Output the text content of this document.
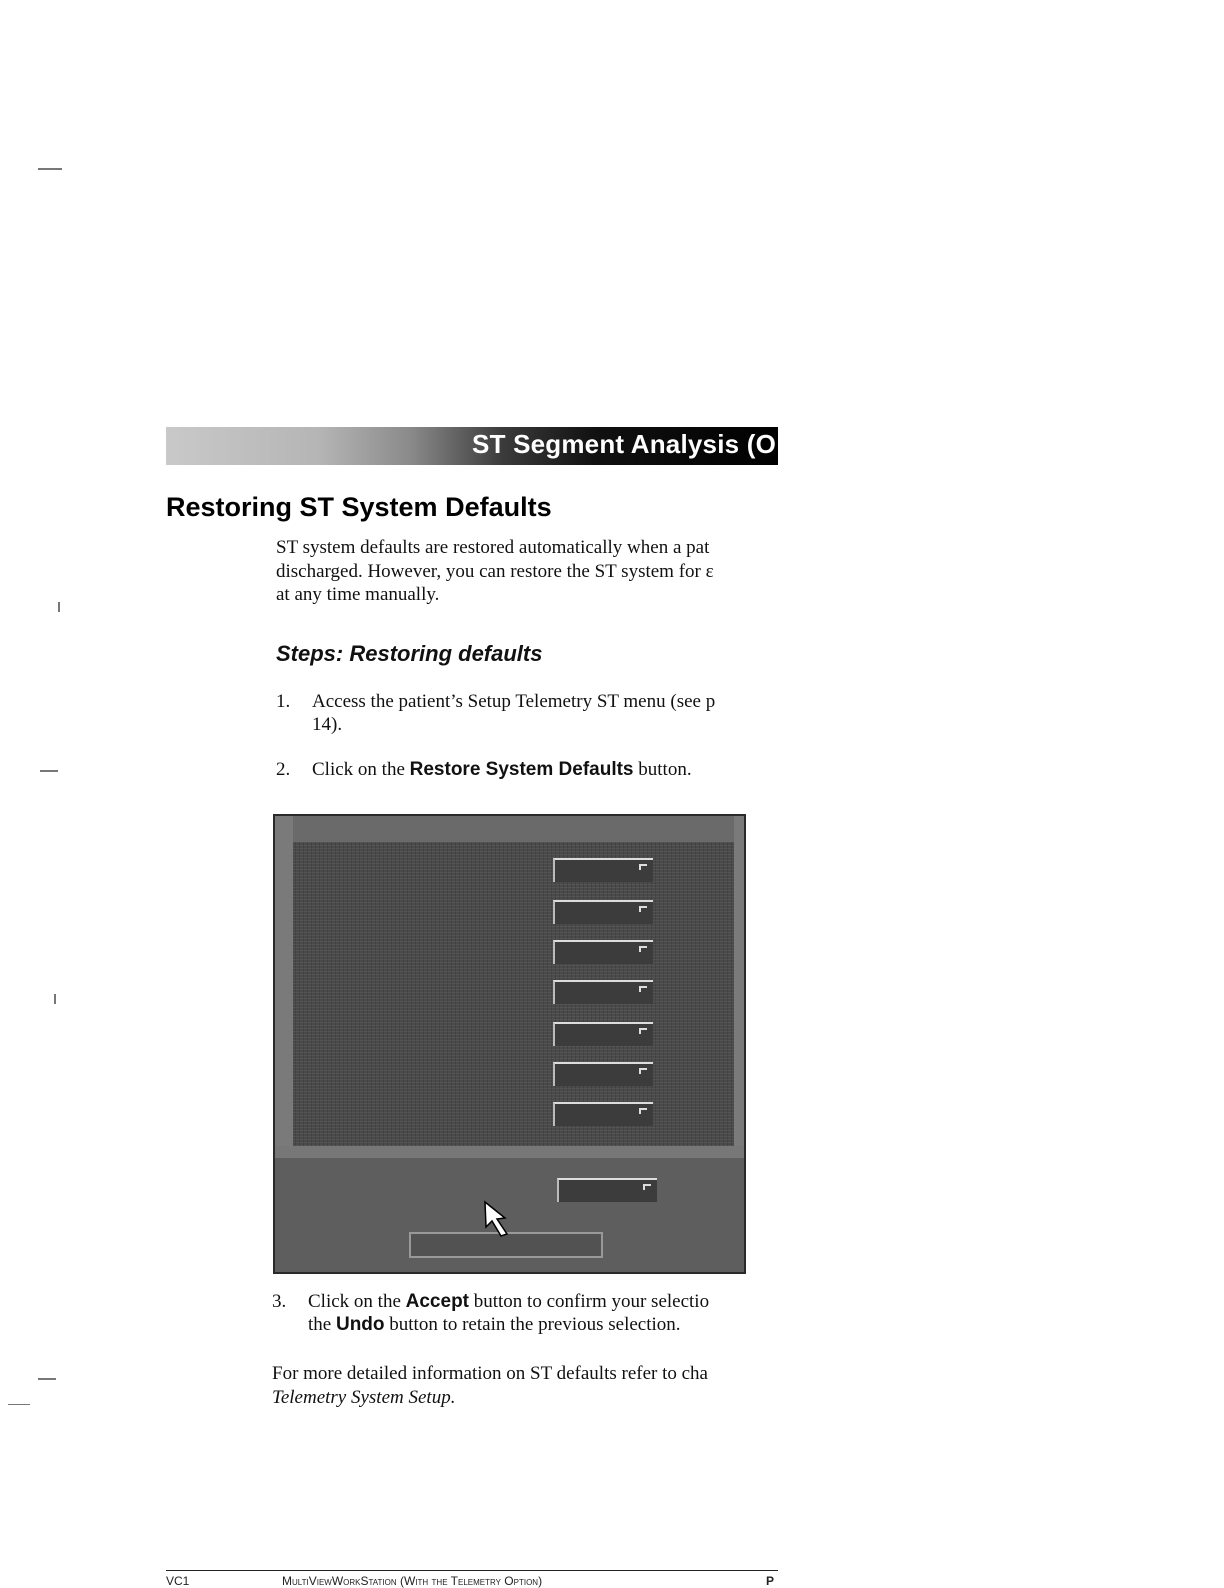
ST Segment Analysis (O
Restoring ST System Defaults
ST system defaults are restored automatically when a pat
discharged. However, you can restore the ST system for ε
at any time manually.
Steps: Restoring defaults
1. Access the patient’s Setup Telemetry ST menu (see p
14).
2. Click on the Restore System Defaults button.
3. Click on the Accept button to confirm your selectio
the Undo button to retain the previous selection.
For more detailed information on ST defaults refer to cha
Telemetry System Setup.
VC1	MultiViewWorkStation (With the Telemetry Option)	P
